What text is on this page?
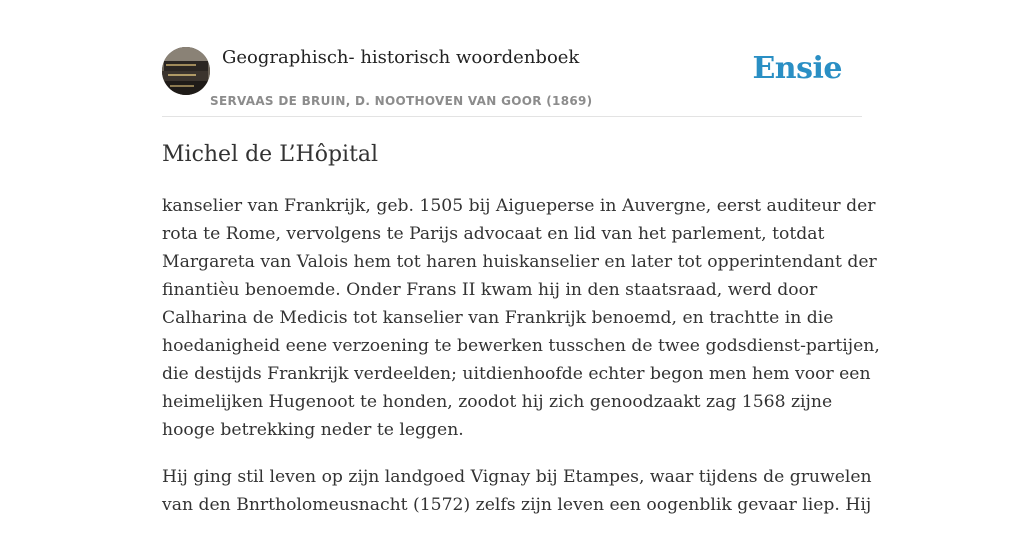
Geographisch- historisch woordenboek
SERVAAS DE BRUIN, D. NOOTHOVEN VAN GOOR (1869)
Ensie
Michel de L’Hôpital

kanselier van Frankrijk, geb. 1505 bij Aigueperse in Auvergne, eerst auditeur der
rota te Rome, vervolgens te Parijs advocaat en lid van het parlement, totdat
Margareta van Valois hem tot haren huiskanselier en later tot opperintendant der
finantièu benoemde. Onder Frans II kwam hij in den staatsraad, werd door
Calharina de Medicis tot kanselier van Frankrijk benoemd, en trachtte in die
hoedanigheid eene verzoening te bewerken tusschen de twee godsdienst-partijen,
die destijds Frankrijk verdeelden; uitdienhoofde echter begon men hem voor een
heimelijken Hugenoot te honden, zoodot hij zich genoodzaakt zag 1568 zijne
hooge betrekking neder te leggen.

Hij ging stil leven op zijn landgoed Vignay bij Etampes, waar tijdens de gruwelen
van den Bnrtholomeusnacht (1572) zelfs zijn leven een oogenblik gevaar liep. Hij
